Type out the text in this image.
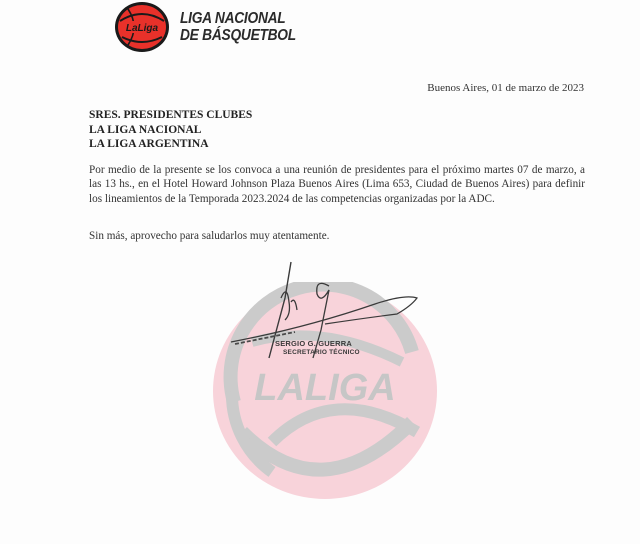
LaLiga
LIGA NACIONAL
DE BÁSQUETBOL
Buenos Aires, 01 de marzo de 2023
SRES. PRESIDENTES CLUBES
LA LIGA NACIONAL
LA LIGA ARGENTINA
Por medio de la presente se los convoca a una reunión de presidentes para el próximo martes 07 de marzo, a las 13 hs., en el Hotel Howard Johnson Plaza Buenos Aires (Lima 653, Ciudad de Buenos Aires) para definir los lineamientos de la Temporada 2023.2024 de las competencias organizadas por la ADC.
Sin más, aprovecho para saludarlos muy atentamente.
LALIGA
SERGIO G. GUERRA
SECRETARIO TÉCNICO
